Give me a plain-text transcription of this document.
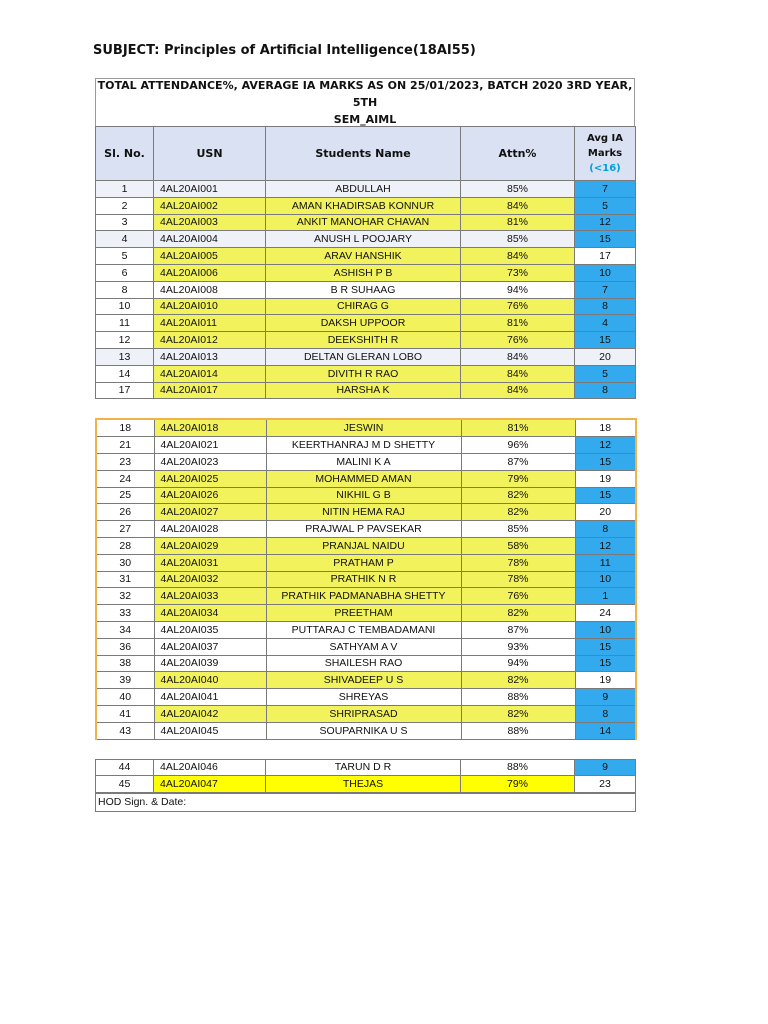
SUBJECT: Principles of Artificial Intelligence(18AI55)
TOTAL ATTENDANCE%, AVERAGE IA MARKS AS ON 25/01/2023, BATCH 2020 3RD YEAR, 5TH
SEM_AIML
Sl. No.	USN	Students Name	Attn%	Avg IA
Marks
(<16)

1	4AL20AI001	ABDULLAH	85%	7
2	4AL20AI002	AMAN KHADIRSAB KONNUR	84%	5
3	4AL20AI003	ANKIT MANOHAR CHAVAN	81%	12
4	4AL20AI004	ANUSH L POOJARY	85%	15
5	4AL20AI005	ARAV HANSHIK	84%	17
6	4AL20AI006	ASHISH P B	73%	10
8	4AL20AI008	B R SUHAAG	94%	7
10	4AL20AI010	CHIRAG G	76%	8
11	4AL20AI011	DAKSH UPPOOR	81%	4
12	4AL20AI012	DEEKSHITH R	76%	15
13	4AL20AI013	DELTAN GLERAN LOBO	84%	20
14	4AL20AI014	DIVITH R RAO	84%	5
17	4AL20AI017	HARSHA K	84%	8
18	4AL20AI018	JESWIN	81%	18
21	4AL20AI021	KEERTHANRAJ M D SHETTY	96%	12
23	4AL20AI023	MALINI K A	87%	15
24	4AL20AI025	MOHAMMED AMAN	79%	19
25	4AL20AI026	NIKHIL G B	82%	15
26	4AL20AI027	NITIN HEMA RAJ	82%	20
27	4AL20AI028	PRAJWAL P PAVSEKAR	85%	8
28	4AL20AI029	PRANJAL NAIDU	58%	12
30	4AL20AI031	PRATHAM P	78%	11
31	4AL20AI032	PRATHIK N R	78%	10
32	4AL20AI033	PRATHIK PADMANABHA SHETTY	76%	1
33	4AL20AI034	PREETHAM	82%	24
34	4AL20AI035	PUTTARAJ C TEMBADAMANI	87%	10
36	4AL20AI037	SATHYAM A V	93%	15
38	4AL20AI039	SHAILESH RAO	94%	15
39	4AL20AI040	SHIVADEEP U S	82%	19
40	4AL20AI041	SHREYAS	88%	9
41	4AL20AI042	SHRIPRASAD	82%	8
43	4AL20AI045	SOUPARNIKA U S	88%	14
44	4AL20AI046	TARUN D R	88%	9
45	4AL20AI047	THEJAS	79%	23
HOD Sign. & Date:
